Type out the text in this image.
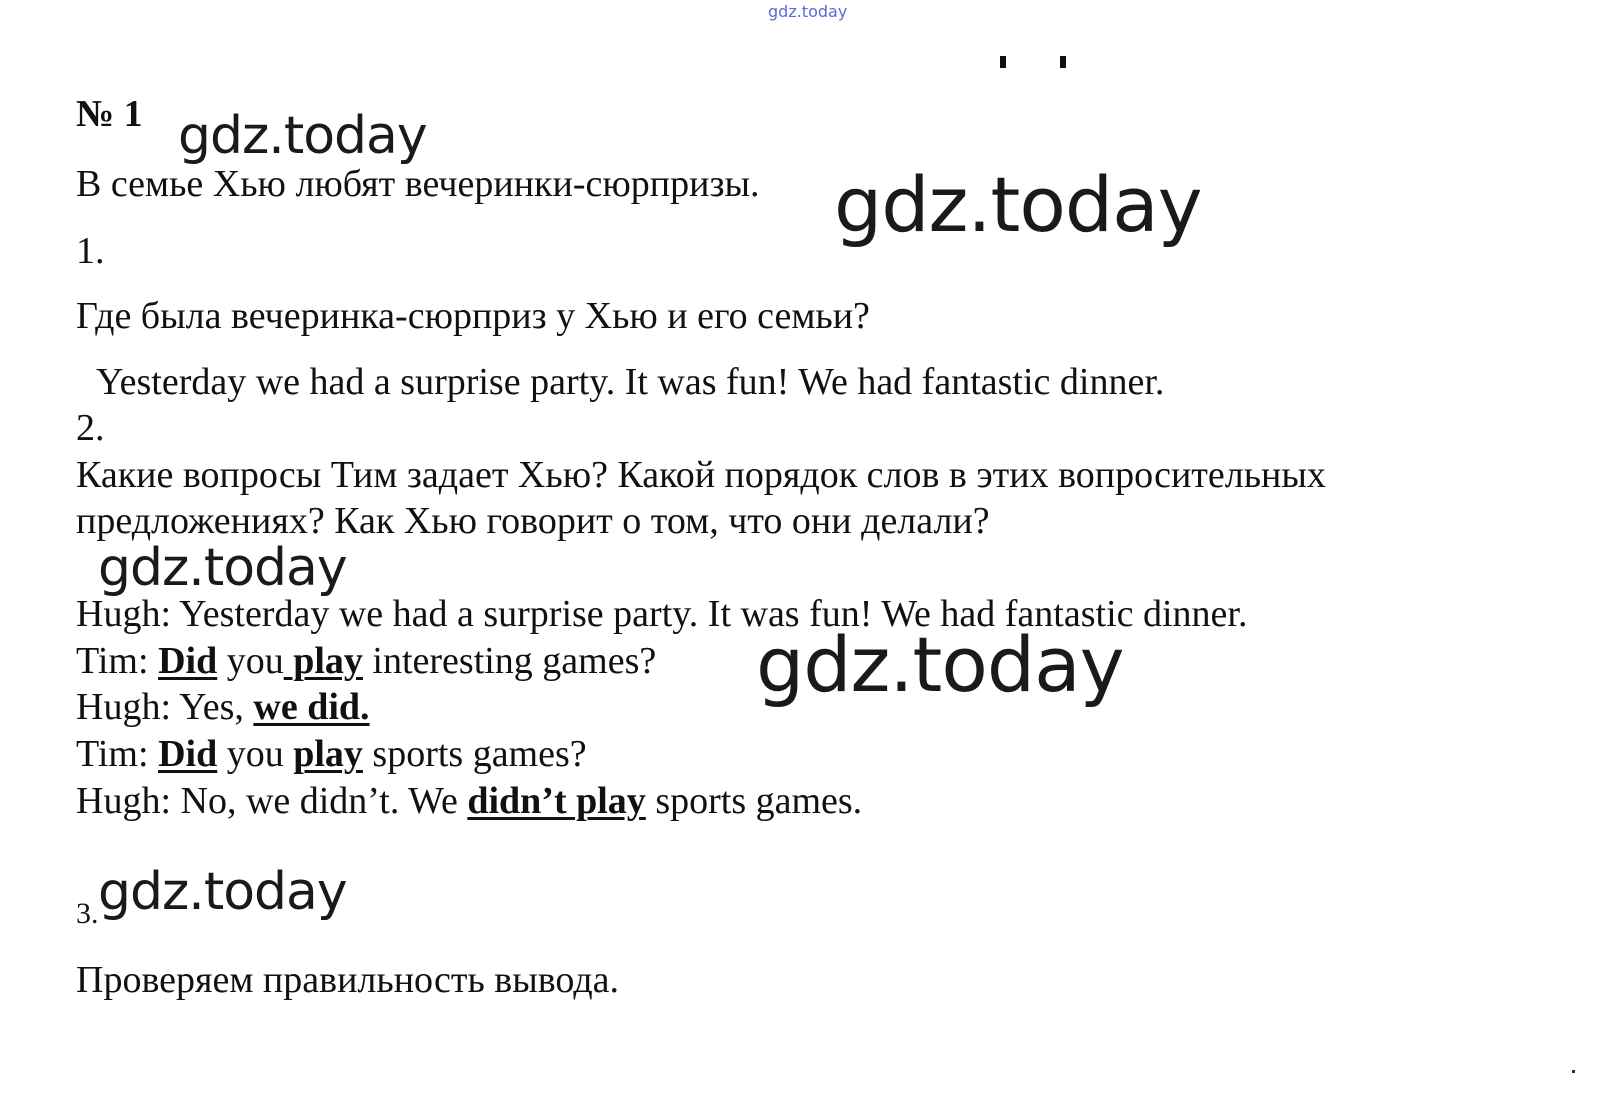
gdz.today
№ 1
В семье Хью любят вечеринки-сюрпризы.
1.
Где была вечеринка-сюрприз у Хью и его семьи?
Yesterday we had a surprise party. It was fun! We had fantastic dinner.
2.
Какие вопросы Тим задает Хью? Какой порядок слов в этих вопросительных
предложениях? Как Хью говорит о том, что они делали?
Hugh: Yesterday we had a surprise party. It was fun! We had fantastic dinner.
Tim: Did you play interesting games?
Hugh: Yes, we did.
Tim: Did you play sports games?
Hugh: No, we didn’t. We didn’t play sports games.
3.
Проверяем правильность вывода.
gdz.today
gdz.today
gdz.today
gdz.today
gdz.today
